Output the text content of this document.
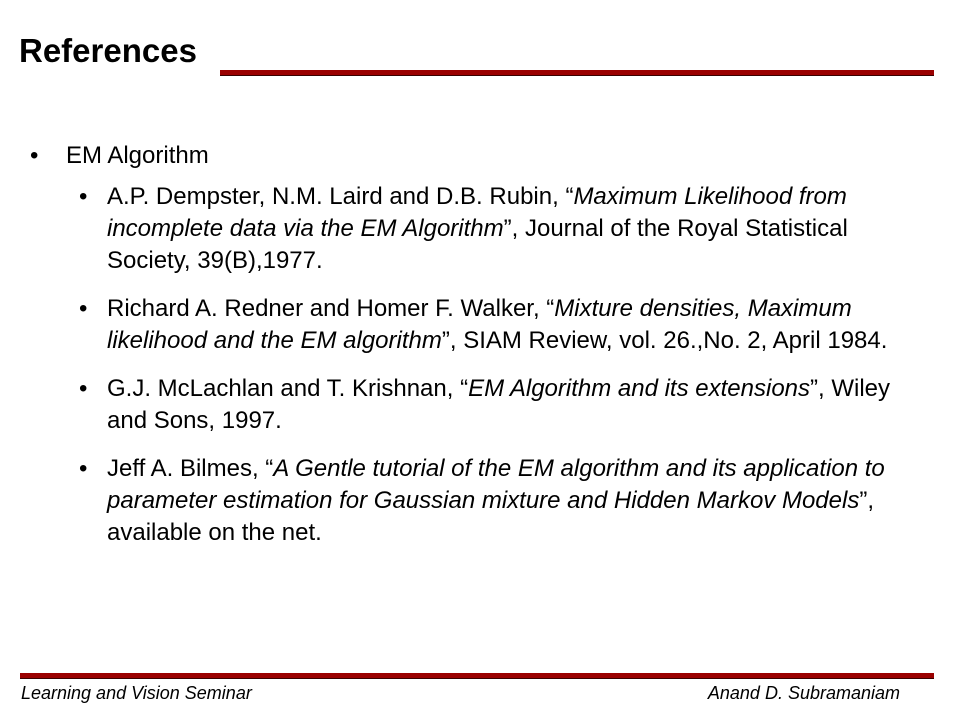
References
• EM Algorithm
• A.P. Dempster, N.M. Laird and D.B. Rubin, “Maximum Likelihood from incomplete data via the EM Algorithm”, Journal of the Royal Statistical Society, 39(B),1977.
• Richard A. Redner and Homer F. Walker, “Mixture densities, Maximum likelihood and the EM algorithm”, SIAM Review, vol. 26.,No. 2, April 1984.
• G.J. McLachlan and T. Krishnan, “EM Algorithm and its extensions”, Wiley and Sons, 1997.
• Jeff A. Bilmes, “A Gentle tutorial of the EM algorithm and its application to parameter estimation for Gaussian mixture and Hidden Markov Models”, available on the net.
Learning and Vision Seminar	Anand D. Subramaniam
